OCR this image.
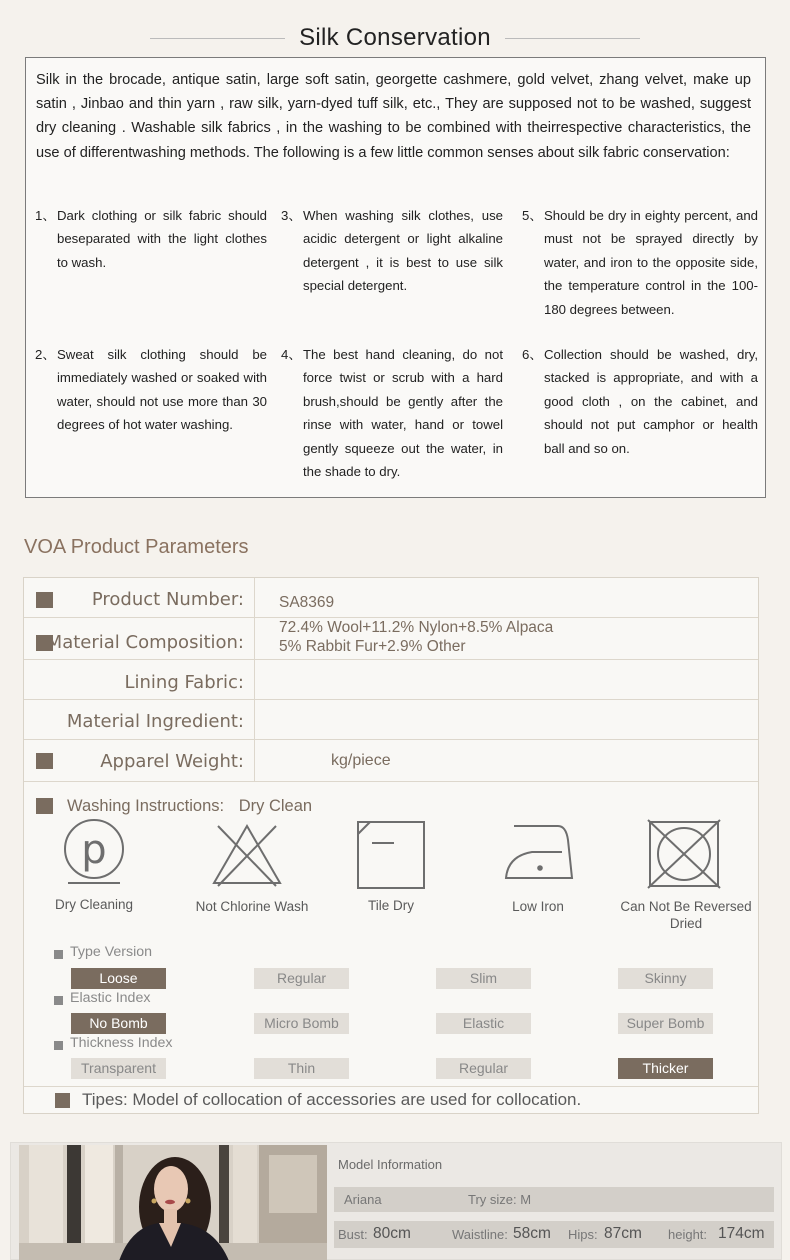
Silk Conservation

Silk in the brocade, antique satin, large soft satin, georgette cashmere, gold velvet, zhang velvet, make up satin , Jinbao and thin yarn , raw silk, yarn-dyed tuff silk, etc., They are supposed not to be washed, suggest dry cleaning . Washable silk fabrics , in the washing to be combined with theirrespective characteristics, the use of differentwashing methods. The following is a few little common senses about silk fabric conservation:

1、 Dark clothing or silk fabric should beseparated with the light clothes to wash.

2、 Sweat silk clothing should be immediately washed or soaked with water, should not use more than 30 degrees of hot water washing.

3、 When washing silk clothes, use acidic detergent or light alkaline detergent , it is best to use silk special detergent.

4、 The best hand cleaning, do not force twist or scrub with a hard brush,should be gently after the rinse with water, hand or towel gently squeeze out the water, in the shade to dry.

5、 Should be dry in eighty percent, and must not be sprayed directly by water, and iron to the opposite side, the temperature control in the 100-180 degrees between.

6、 Collection should be washed, dry, stacked is appropriate, and with a good cloth , on the cabinet, and should not put camphor or health ball and so on.

VOA Product Parameters
Product Number: SA8369
Material Composition:
72.4% Wool+11.2% Nylon+8.5% Alpaca
5% Rabbit Fur+2.9% Other
Lining Fabric:
Material Ingredient:
Apparel Weight:	kg/piece
Washing Instructions: Dry Clean
p
Dry Cleaning	Not Chlorine Wash	Tile Dry	Low Iron	Can Not Be Reversed Dried
Type Version
Loose	Regular	Slim	Skinny
Elastic Index
No Bomb	Micro Bomb	Elastic	Super Bomb
Thickness Index
Transparent	Thin	Regular	Thicker
Tipes: Model of collocation of accessories are used for collocation.
Model Information
Ariana	Try size: M
Bust: 80cm	Waistline: 58cm Hips: 87cm height: 174cm
